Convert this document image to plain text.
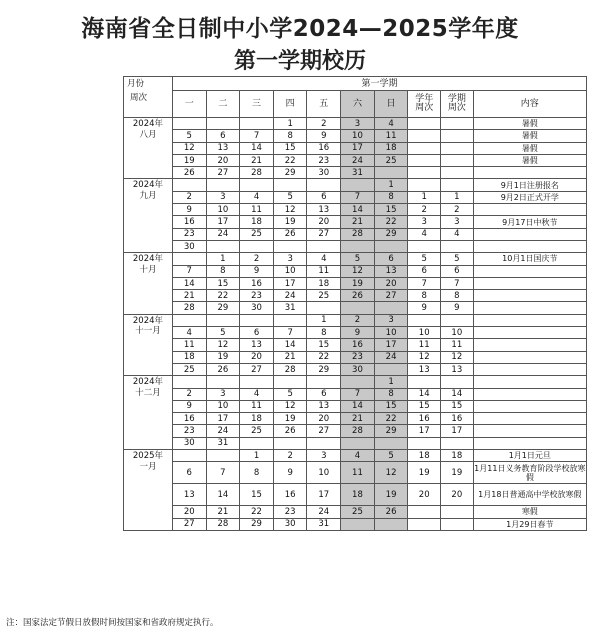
海南省全日制中小学2024—2025学年度
第一学期校历
月份
周次	第一学期									
	一	二	三	四	五	六	日	学年
周次	学期
周次	内容

2024年
八月				1	2	3	4			暑假
	5	6	7	8	9	10	11			暑假
	12	13	14	15	16	17	18			暑假
	19	20	21	22	23	24	25			暑假
	26	27	28	29	30	31				

2024年
九月							1			9月1日注册报名
	2	3	4	5	6	7	8	1	1	9月2日正式开学
	9	10	11	12	13	14	15	2	2	
	16	17	18	19	20	21	22	3	3	9月17日中秋节
	23	24	25	26	27	28	29	4	4	
	30									

2024年
十月		1	2	3	4	5	6	5	5	10月1日国庆节
	7	8	9	10	11	12	13	6	6	
	14	15	16	17	18	19	20	7	7	
	21	22	23	24	25	26	27	8	8	
	28	29	30	31				9	9	

2024年
十一月					1	2	3			
	4	5	6	7	8	9	10	10	10	
	11	12	13	14	15	16	17	11	11	
	18	19	20	21	22	23	24	12	12	
	25	26	27	28	29	30		13	13	

2024年
十二月							1			
	2	3	4	5	6	7	8	14	14	
	9	10	11	12	13	14	15	15	15	
	16	17	18	19	20	21	22	16	16	
	23	24	25	26	27	28	29	17	17	
	30	31								

2025年
一月			1	2	3	4	5	18	18	1月1日元旦
	6	7	8	9	10	11	12	19	19	1月11日义务教育阶段学校放寒假
	13	14	15	16	17	18	19	20	20	1月18日普通高中学校放寒假
	20	21	22	23	24	25	26			寒假
	27	28	29	30	31					1月29日春节
注：国家法定节假日放假时间按国家和省政府规定执行。
